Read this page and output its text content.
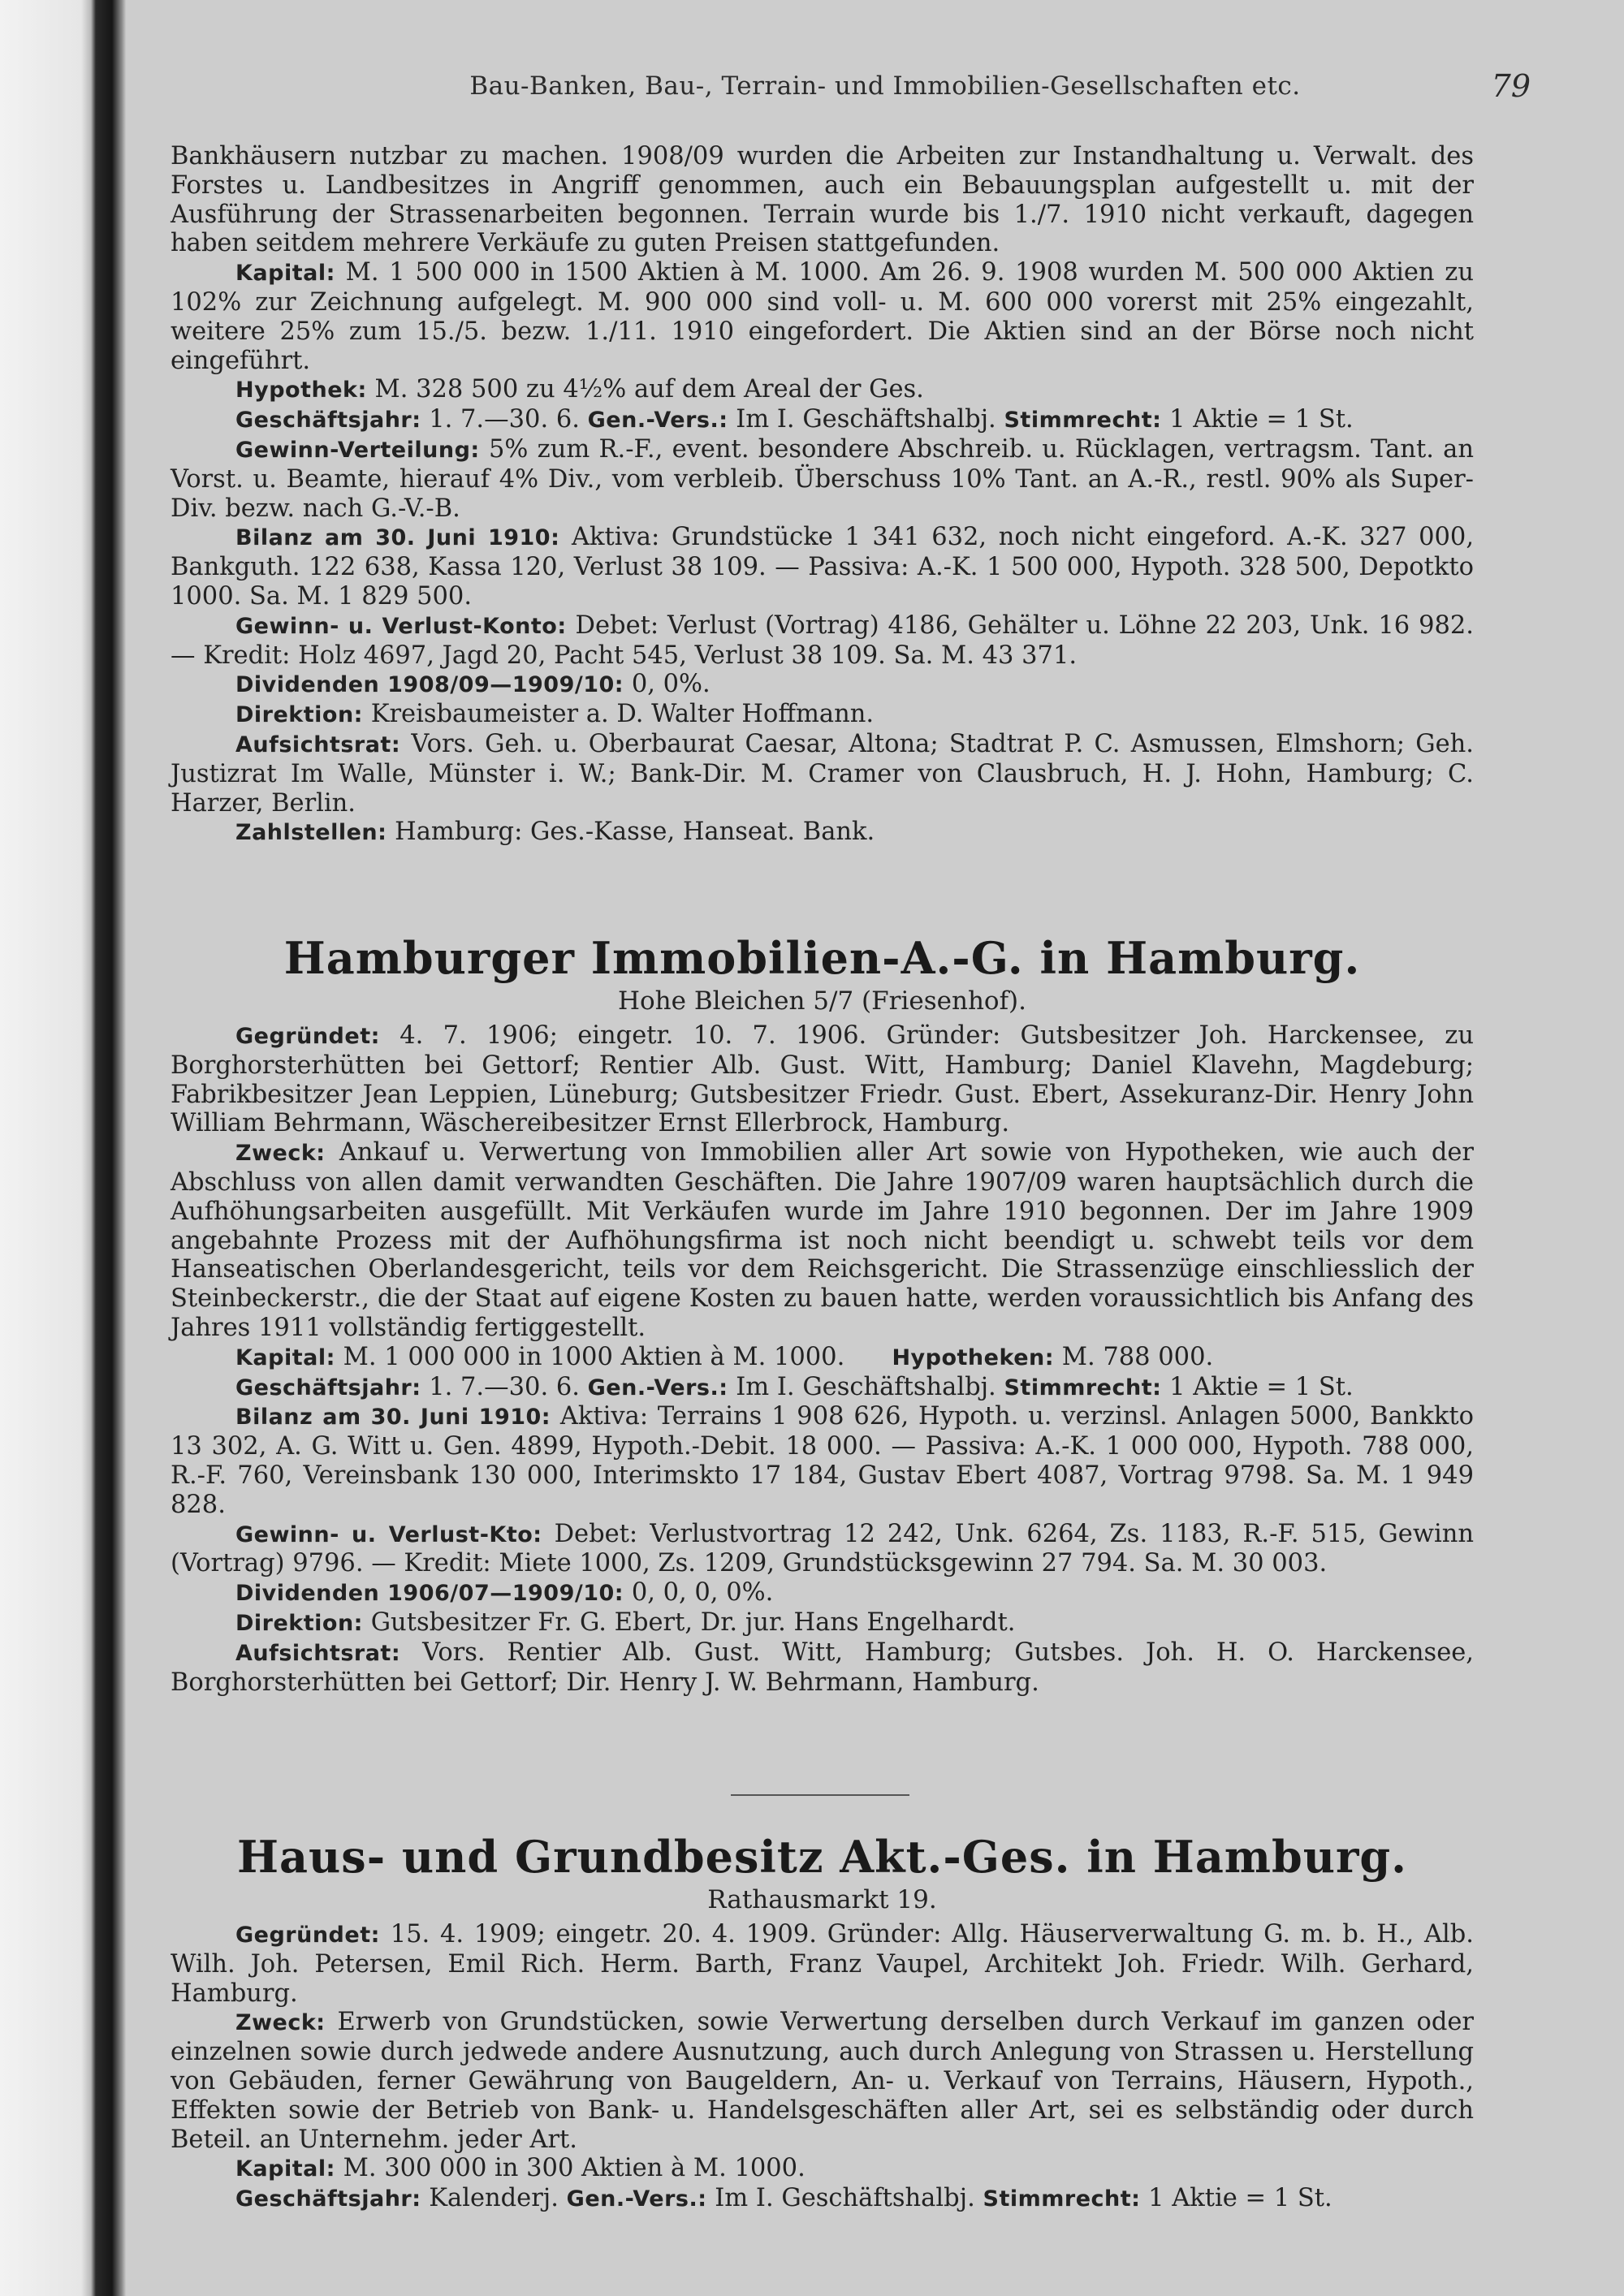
Bau-Banken, Bau-, Terrain- und Immobilien-Gesellschaften etc.	79

Bankhäusern nutzbar zu machen. 1908/09 wurden die Arbeiten zur Instandhaltung u. Verwalt. des Forstes u. Landbesitzes in Angriff genommen, auch ein Bebauungsplan aufgestellt u. mit der Ausführung der Strassenarbeiten begonnen. Terrain wurde bis 1./7. 1910 nicht verkauft, dagegen haben seitdem mehrere Verkäufe zu guten Preisen stattgefunden.

Kapital: M. 1 500 000 in 1500 Aktien à M. 1000. Am 26. 9. 1908 wurden M. 500 000 Aktien zu 102% zur Zeichnung aufgelegt. M. 900 000 sind voll- u. M. 600 000 vorerst mit 25% eingezahlt, weitere 25% zum 15./5. bezw. 1./11. 1910 eingefordert. Die Aktien sind an der Börse noch nicht eingeführt.

Hypothek: M. 328 500 zu 4½% auf dem Areal der Ges.

Geschäftsjahr: 1. 7.—30. 6. Gen.-Vers.: Im I. Geschäftshalbj. Stimmrecht: 1 Aktie = 1 St.

Gewinn-Verteilung: 5% zum R.-F., event. besondere Abschreib. u. Rücklagen, vertragsm. Tant. an Vorst. u. Beamte, hierauf 4% Div., vom verbleib. Überschuss 10% Tant. an A.-R., restl. 90% als Super-Div. bezw. nach G.-V.-B.

Bilanz am 30. Juni 1910: Aktiva: Grundstücke 1 341 632, noch nicht eingeford. A.-K. 327 000, Bankguth. 122 638, Kassa 120, Verlust 38 109. — Passiva: A.-K. 1 500 000, Hypoth. 328 500, Depotkto 1000. Sa. M. 1 829 500.

Gewinn- u. Verlust-Konto: Debet: Verlust (Vortrag) 4186, Gehälter u. Löhne 22 203, Unk. 16 982. — Kredit: Holz 4697, Jagd 20, Pacht 545, Verlust 38 109. Sa. M. 43 371.

Dividenden 1908/09—1909/10: 0, 0%.

Direktion: Kreisbaumeister a. D. Walter Hoffmann.

Aufsichtsrat: Vors. Geh. u. Oberbaurat Caesar, Altona; Stadtrat P. C. Asmussen, Elmshorn; Geh. Justizrat Im Walle, Münster i. W.; Bank-Dir. M. Cramer von Clausbruch, H. J. Hohn, Hamburg; C. Harzer, Berlin.

Zahlstellen: Hamburg: Ges.-Kasse, Hanseat. Bank.

Hamburger Immobilien-A.-G. in Hamburg.
Hohe Bleichen 5/7 (Friesenhof).

Gegründet: 4. 7. 1906; eingetr. 10. 7. 1906. Gründer: Gutsbesitzer Joh. Harckensee, zu Borghorsterhütten bei Gettorf; Rentier Alb. Gust. Witt, Hamburg; Daniel Klavehn, Magdeburg; Fabrikbesitzer Jean Leppien, Lüneburg; Gutsbesitzer Friedr. Gust. Ebert, Assekuranz-Dir. Henry John William Behrmann, Wäschereibesitzer Ernst Ellerbrock, Hamburg.

Zweck: Ankauf u. Verwertung von Immobilien aller Art sowie von Hypotheken, wie auch der Abschluss von allen damit verwandten Geschäften. Die Jahre 1907/09 waren hauptsächlich durch die Aufhöhungsarbeiten ausgefüllt. Mit Verkäufen wurde im Jahre 1910 begonnen. Der im Jahre 1909 angebahnte Prozess mit der Aufhöhungsfirma ist noch nicht beendigt u. schwebt teils vor dem Hanseatischen Oberlandesgericht, teils vor dem Reichsgericht. Die Strassenzüge einschliesslich der Steinbeckerstr., die der Staat auf eigene Kosten zu bauen hatte, werden voraussichtlich bis Anfang des Jahres 1911 vollständig fertiggestellt.

Kapital: M. 1 000 000 in 1000 Aktien à M. 1000. Hypotheken: M. 788 000.

Geschäftsjahr: 1. 7.—30. 6. Gen.-Vers.: Im I. Geschäftshalbj. Stimmrecht: 1 Aktie = 1 St.

Bilanz am 30. Juni 1910: Aktiva: Terrains 1 908 626, Hypoth. u. verzinsl. Anlagen 5000, Bankkto 13 302, A. G. Witt u. Gen. 4899, Hypoth.-Debit. 18 000. — Passiva: A.-K. 1 000 000, Hypoth. 788 000, R.-F. 760, Vereinsbank 130 000, Interimskto 17 184, Gustav Ebert 4087, Vortrag 9798. Sa. M. 1 949 828.

Gewinn- u. Verlust-Kto: Debet: Verlustvortrag 12 242, Unk. 6264, Zs. 1183, R.-F. 515, Gewinn (Vortrag) 9796. — Kredit: Miete 1000, Zs. 1209, Grundstücksgewinn 27 794. Sa. M. 30 003.

Dividenden 1906/07—1909/10: 0, 0, 0, 0%.

Direktion: Gutsbesitzer Fr. G. Ebert, Dr. jur. Hans Engelhardt.

Aufsichtsrat: Vors. Rentier Alb. Gust. Witt, Hamburg; Gutsbes. Joh. H. O. Harckensee, Borghorsterhütten bei Gettorf; Dir. Henry J. W. Behrmann, Hamburg.

Haus- und Grundbesitz Akt.-Ges. in Hamburg.
Rathausmarkt 19.

Gegründet: 15. 4. 1909; eingetr. 20. 4. 1909. Gründer: Allg. Häuserverwaltung G. m. b. H., Alb. Wilh. Joh. Petersen, Emil Rich. Herm. Barth, Franz Vaupel, Architekt Joh. Friedr. Wilh. Gerhard, Hamburg.

Zweck: Erwerb von Grundstücken, sowie Verwertung derselben durch Verkauf im ganzen oder einzelnen sowie durch jedwede andere Ausnutzung, auch durch Anlegung von Strassen u. Herstellung von Gebäuden, ferner Gewährung von Baugeldern, An- u. Verkauf von Terrains, Häusern, Hypoth., Effekten sowie der Betrieb von Bank- u. Handelsgeschäften aller Art, sei es selbständig oder durch Beteil. an Unternehm. jeder Art.

Kapital: M. 300 000 in 300 Aktien à M. 1000.

Geschäftsjahr: Kalenderj. Gen.-Vers.: Im I. Geschäftshalbj. Stimmrecht: 1 Aktie = 1 St.
